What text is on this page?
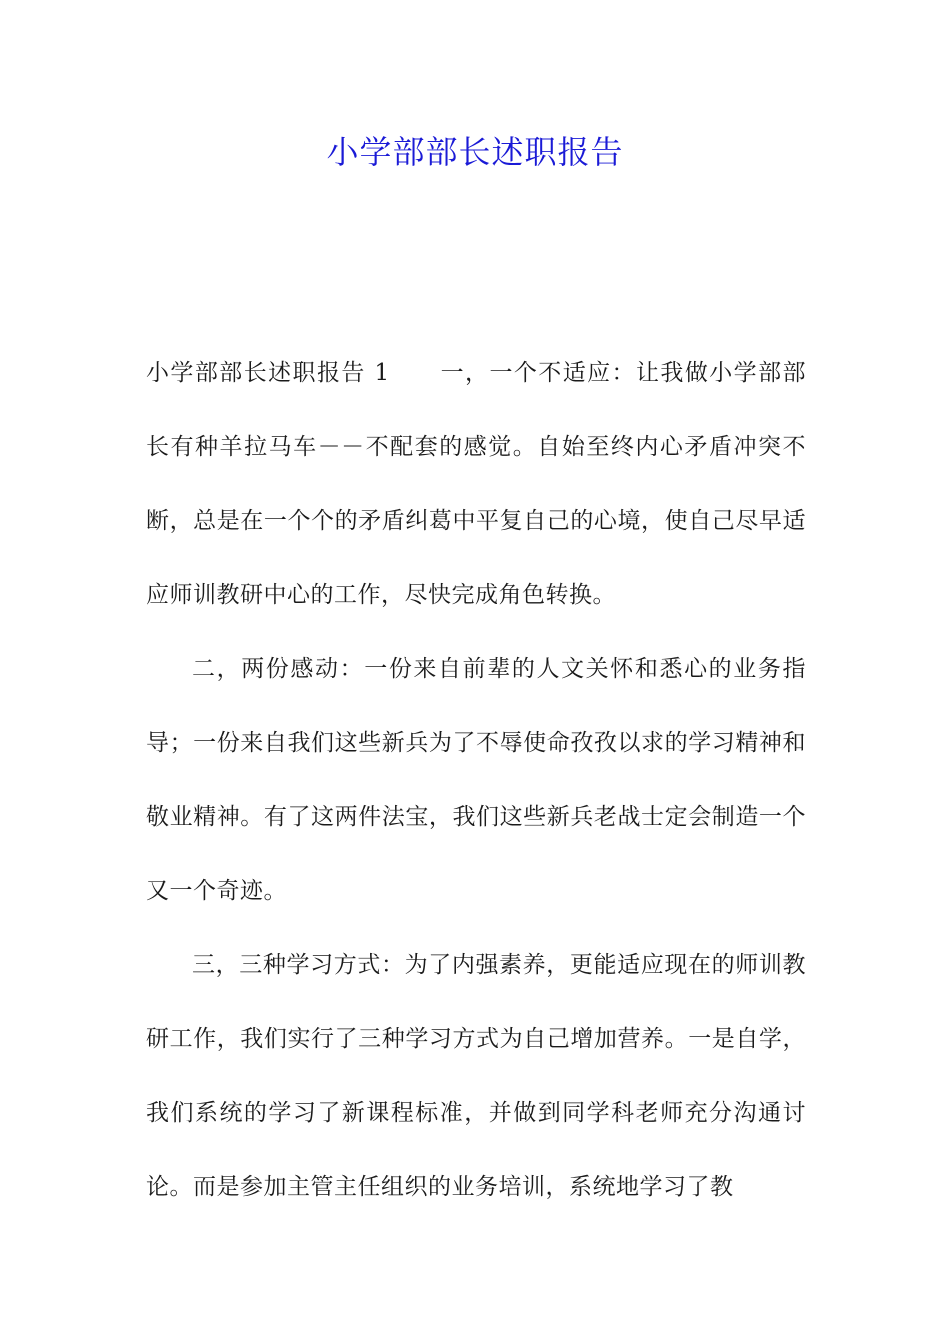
小学部部长述职报告

小学部部长述职报告 1 一，一个不适应：让我做小学部部长有种羊拉马车－－不配套的感觉。自始至终内心矛盾冲突不断，总是在一个个的矛盾纠葛中平复自己的心境，使自己尽早适应师训教研中心的工作，尽快完成角色转换。

二，两份感动：一份来自前辈的人文关怀和悉心的业务指导；一份来自我们这些新兵为了不辱使命孜孜以求的学习精神和敬业精神。有了这两件法宝，我们这些新兵老战士定会制造一个又一个奇迹。

三，三种学习方式：为了内强素养，更能适应现在的师训教研工作，我们实行了三种学习方式为自己增加营养。一是自学，我们系统的学习了新课程标准，并做到同学科老师充分沟通讨论。而是参加主管主任组织的业务培训，系统地学习了教
